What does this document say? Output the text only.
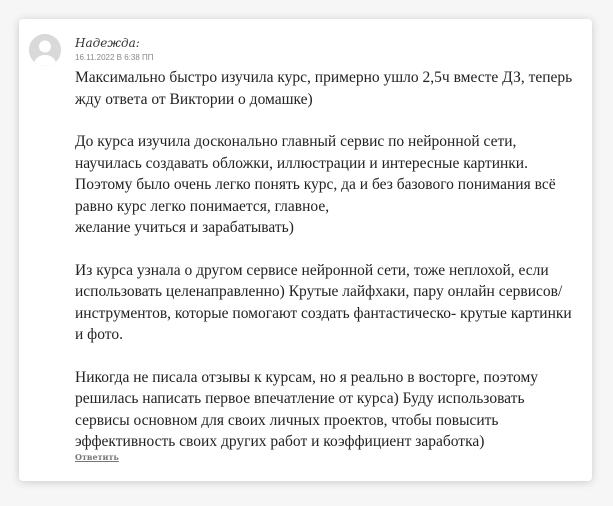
Надежда:
16.11.2022 В 6:38 ПП

Максимально быстро изучила курс, примерно ушло 2,5ч вместе ДЗ, теперь жду ответа от Виктории о домашке)

До курса изучила досконально главный сервис по нейронной сети, научилась создавать обложки, иллюстрации и интересные картинки. Поэтому было очень легко понять курс, да и без базового понимания всё равно курс легко понимается, главное,
желание учиться и зарабатывать)

Из курса узнала о другом сервисе нейронной сети, тоже неплохой, если использовать целенаправленно) Крутые лайфхаки, пару онлайн сервисов/инструментов, которые помогают создать фантастическо- крутые картинки и фото.

Никогда не писала отзывы к курсам, но я реально в восторге, поэтому решилась написать первое впечатление от курса) Буду использовать сервисы основном для своих личных проектов, чтобы повысить эффективность своих других работ и коэффициент заработка)

Ответить
